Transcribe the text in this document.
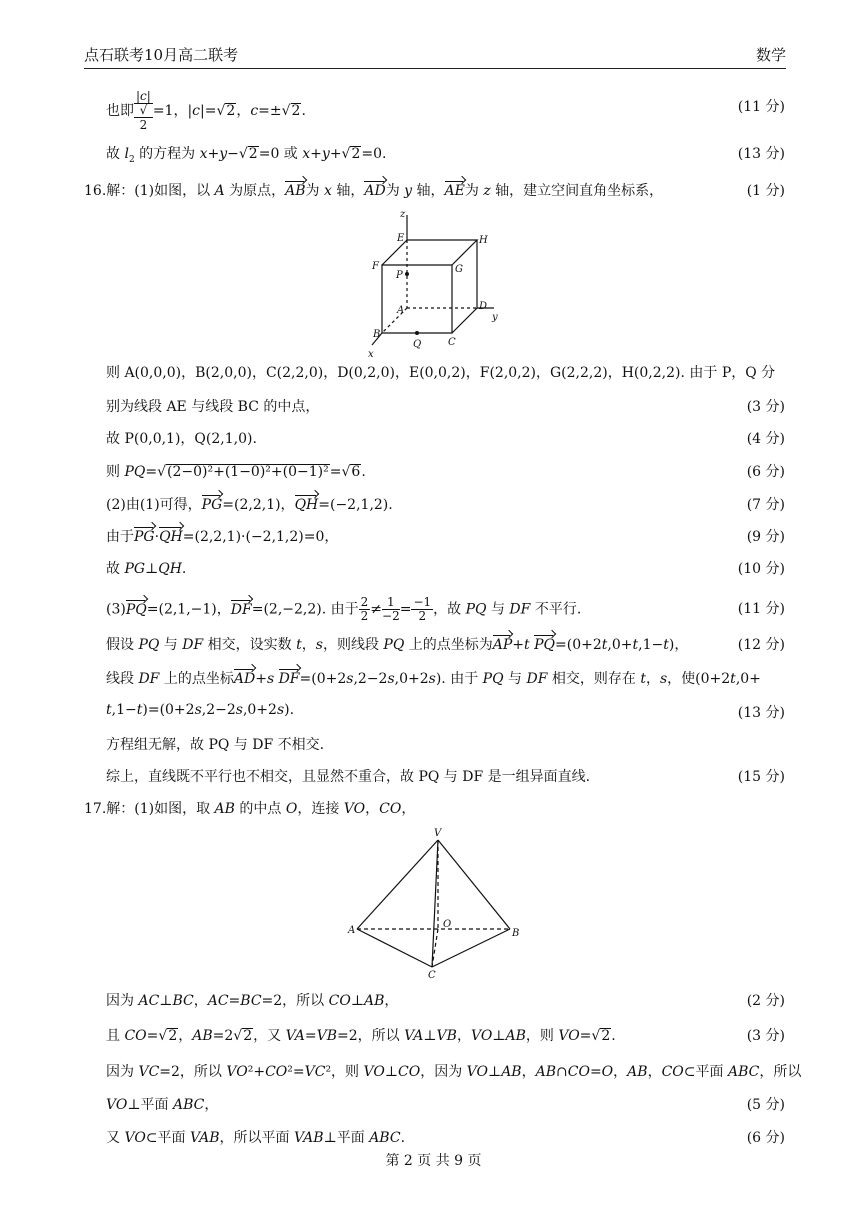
点石联考10月高二联考	数学
也即 |c|
√
2 =1，|c|=√2，c=±√2.	(11 分)
故 $l_2$ 的方程为 x+y−√2=0 或 x+y+√2=0.	(13 分)
16.解：(1)如图，以 A 为原点，AB为 x 轴，AD为 y 轴，AE为 z 轴，建立空间直角坐标系，	(1 分)
z
E	H
F
P
G
A	D
y
B
Q	C
x
则 A(0,0,0)，B(2,0,0)，C(2,2,0)，D(0,2,0)，E(0,0,2)，F(2,0,2)，G(2,2,2)，H(0,2,2). 由于 P，Q 分
别为线段 AE 与线段 BC 的中点，	(3 分)
故 P(0,0,1)，Q(2,1,0).	(4 分)
则 PQ=√(2−0)²+(1−0)²+(0−1)²=√6.	(6 分)
(2)由(1)可得，PG=(2,2,1)，QH=(−2,1,2).	(7 分)
由于PG·QH=(2,2,1)·(−2,1,2)=0，	(9 分)
故 PG⊥QH.	(10 分)
(3)PQ=(2,1,−1)，DF=(2,−2,2). 由于 $\frac{2}{2} \ne \frac{1}{-2} = \frac{-1}{2}$ ，故 PQ 与 DF 不平行.	(11 分)
假设 PQ 与 DF 相交，设实数 t，s，则线段 PQ 上的点坐标为AP+t PQ=(0+2t,0+t,1−t)，	(12 分)
线段 DF 上的点坐标AD+s DF=(0+2s,2−2s,0+2s). 由于 PQ 与 DF 相交，则存在 t，s，使(0+2t,0+
t,1−t)=(0+2s,2−2s,0+2s).	(13 分)
方程组无解，故 PQ 与 DF 不相交.
综上，直线既不平行也不相交，且显然不重合，故 PQ 与 DF 是一组异面直线.	(15 分)
17.解：(1)如图，取 AB 的中点 O，连接 VO，CO，
V
A
O
B
C
因为 AC⊥BC，AC=BC=2，所以 CO⊥AB，	(2 分)
且 CO=√2，AB=2√2，又 VA=VB=2，所以 VA⊥VB，VO⊥AB，则 VO=√2.	(3 分)
因为 VC=2，所以 VO²+CO²=VC²，则 VO⊥CO，因为 VO⊥AB，AB∩CO=O，AB，CO⊂平面 ABC，所以
VO⊥平面 ABC，	(5 分)
又 VO⊂平面 VAB，所以平面 VAB⊥平面 ABC.	(6 分)
第 2 页 共 9 页
